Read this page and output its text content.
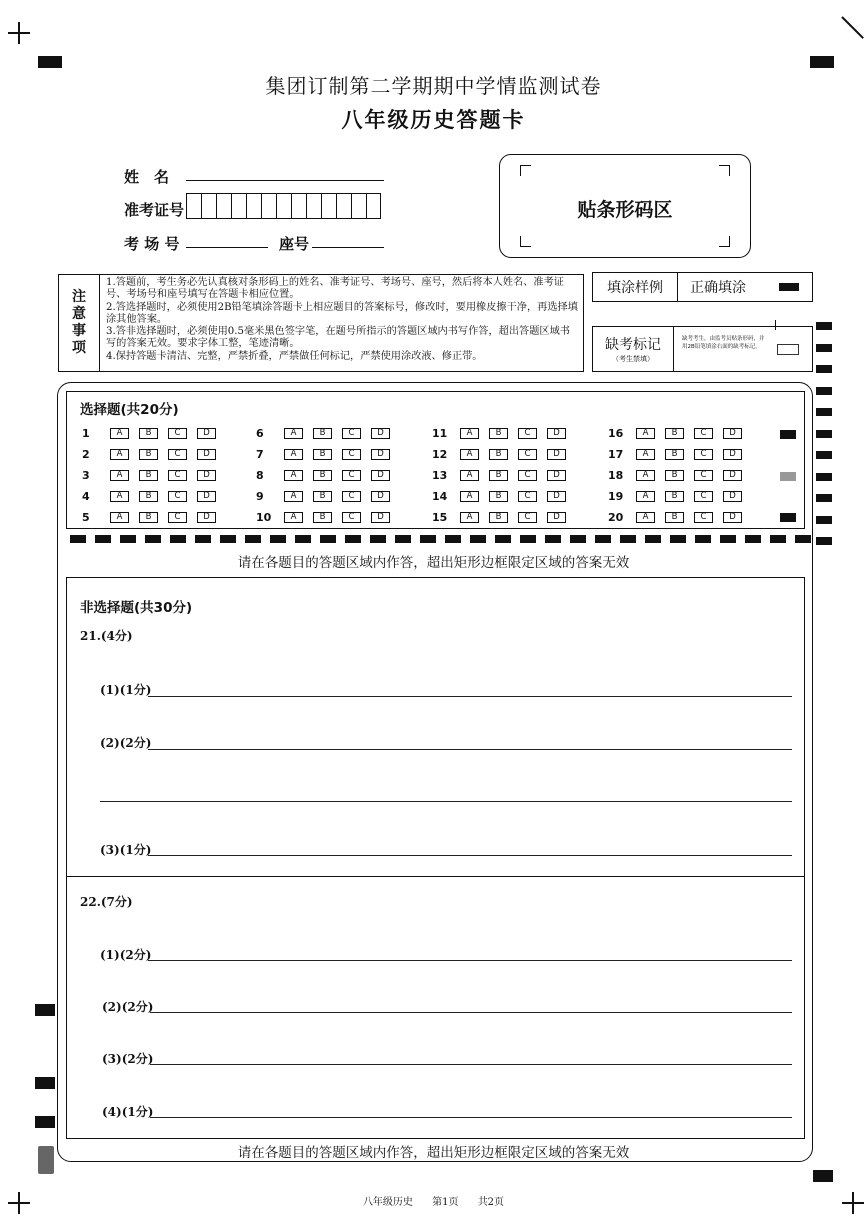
集团订制第二学期期中学情监测试卷
八年级历史答题卡
姓　名
准考证号
考 场 号	座号
贴条形码区
注
意
事
项
1.答题前，考生务必先认真核对条形码上的姓名、准考证号、考场号、座号，然后将本人姓名、准考证号、考场号和座号填写在答题卡相应位置。
2.答选择题时，必须使用2B铅笔填涂答题卡上相应题目的答案标号，修改时，要用橡皮擦干净，再选择填涂其他答案。
3.答非选择题时，必须使用0.5毫米黑色签字笔，在题号所指示的答题区域内书写作答，超出答题区域书写的答案无效。要求字体工整，笔迹清晰。
4.保持答题卡清洁、完整，严禁折叠，严禁做任何标记，严禁使用涂改液、修正带。
填涂样例	正确填涂
缺考标记
（考生禁填）
缺考考生，由监考员贴条形码，并用2B铅笔填涂右面的缺考标记。
选择题(共20分)
1	A	B	C	D
2	A	B	C	D
3	A	B	C	D
4	A	B	C	D
5	A	B	C	D
6	A	B	C	D
7	A	B	C	D
8	A	B	C	D
9	A	B	C	D
10	A	B	C	D
11	A	B	C	D
12	A	B	C	D
13	A	B	C	D
14	A	B	C	D
15	A	B	C	D
16	A	B	C	D
17	A	B	C	D
18	A	B	C	D
19	A	B	C	D
20	A	B	C	D
请在各题目的答题区域内作答，超出矩形边框限定区域的答案无效
非选择题(共30分)
21.(4分)
(1)(1分)
(2)(2分)
(3)(1分)
22.(7分)
(1)(2分)
(2)(2分)
(3)(2分)
(4)(1分)
请在各题目的答题区域内作答，超出矩形边框限定区域的答案无效
八年级历史 第1页 共2页
